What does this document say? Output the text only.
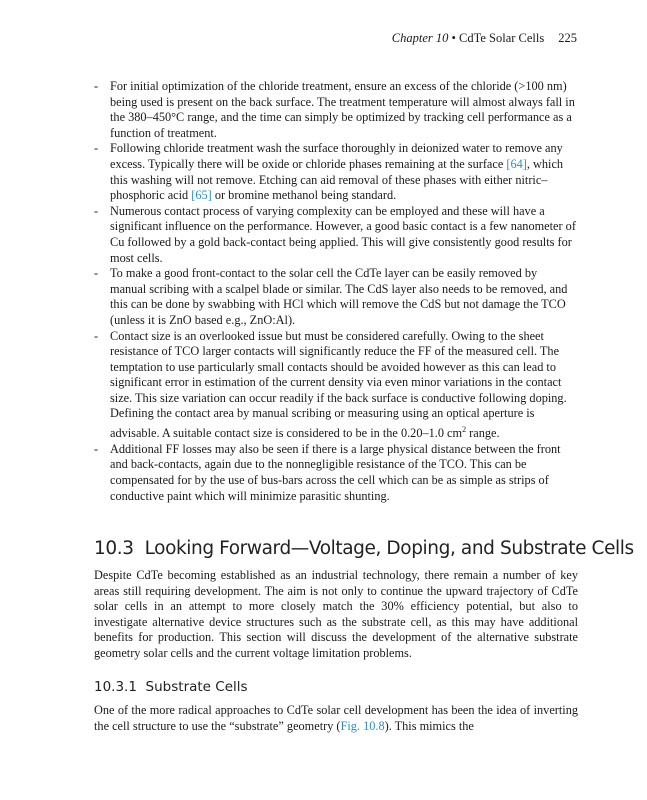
Chapter 10 • CdTe Solar Cells 225
- For initial optimization of the chloride treatment, ensure an excess of the chloride (>100 nm) being used is present on the back surface. The treatment temperature will almost always fall in the 380–450°C range, and the time can simply be optimized by tracking cell performance as a function of treatment.
- Following chloride treatment wash the surface thoroughly in deionized water to remove any excess. Typically there will be oxide or chloride phases remaining at the surface [64], which this washing will not remove. Etching can aid removal of these phases with either nitric–phosphoric acid [65] or bromine methanol being standard.
- Numerous contact process of varying complexity can be employed and these will have a significant influence on the performance. However, a good basic contact is a few nanometer of Cu followed by a gold back-contact being applied. This will give consistently good results for most cells.
- To make a good front-contact to the solar cell the CdTe layer can be easily removed by manual scribing with a scalpel blade or similar. The CdS layer also needs to be removed, and this can be done by swabbing with HCl which will remove the CdS but not damage the TCO (unless it is ZnO based e.g., ZnO:Al).
- Contact size is an overlooked issue but must be considered carefully. Owing to the sheet resistance of TCO larger contacts will significantly reduce the FF of the measured cell. The temptation to use particularly small contacts should be avoided however as this can lead to significant error in estimation of the current density via even minor variations in the contact size. This size variation can occur readily if the back surface is conductive following doping. Defining the contact area by manual scribing or measuring using an optical aperture is advisable. A suitable contact size is considered to be in the 0.20–1.0 $cm^2$ range.
- Additional FF losses may also be seen if there is a large physical distance between the front and back-contacts, again due to the nonnegligible resistance of the TCO. This can be compensated for by the use of bus-bars across the cell which can be as simple as strips of conductive paint which will minimize parasitic shunting.
10.3 Looking Forward—Voltage, Doping, and Substrate Cells

Despite CdTe becoming established as an industrial technology, there remain a number of key areas still requiring development. The aim is not only to continue the upward trajectory of CdTe solar cells in an attempt to more closely match the 30% efficiency potential, but also to investigate alternative device structures such as the substrate cell, as this may have additional benefits for production. This section will discuss the development of the alternative substrate geometry solar cells and the current voltage limitation problems.

10.3.1 Substrate Cells

One of the more radical approaches to CdTe solar cell development has been the idea of inverting the cell structure to use the “substrate” geometry (Fig. 10.8). This mimics the
